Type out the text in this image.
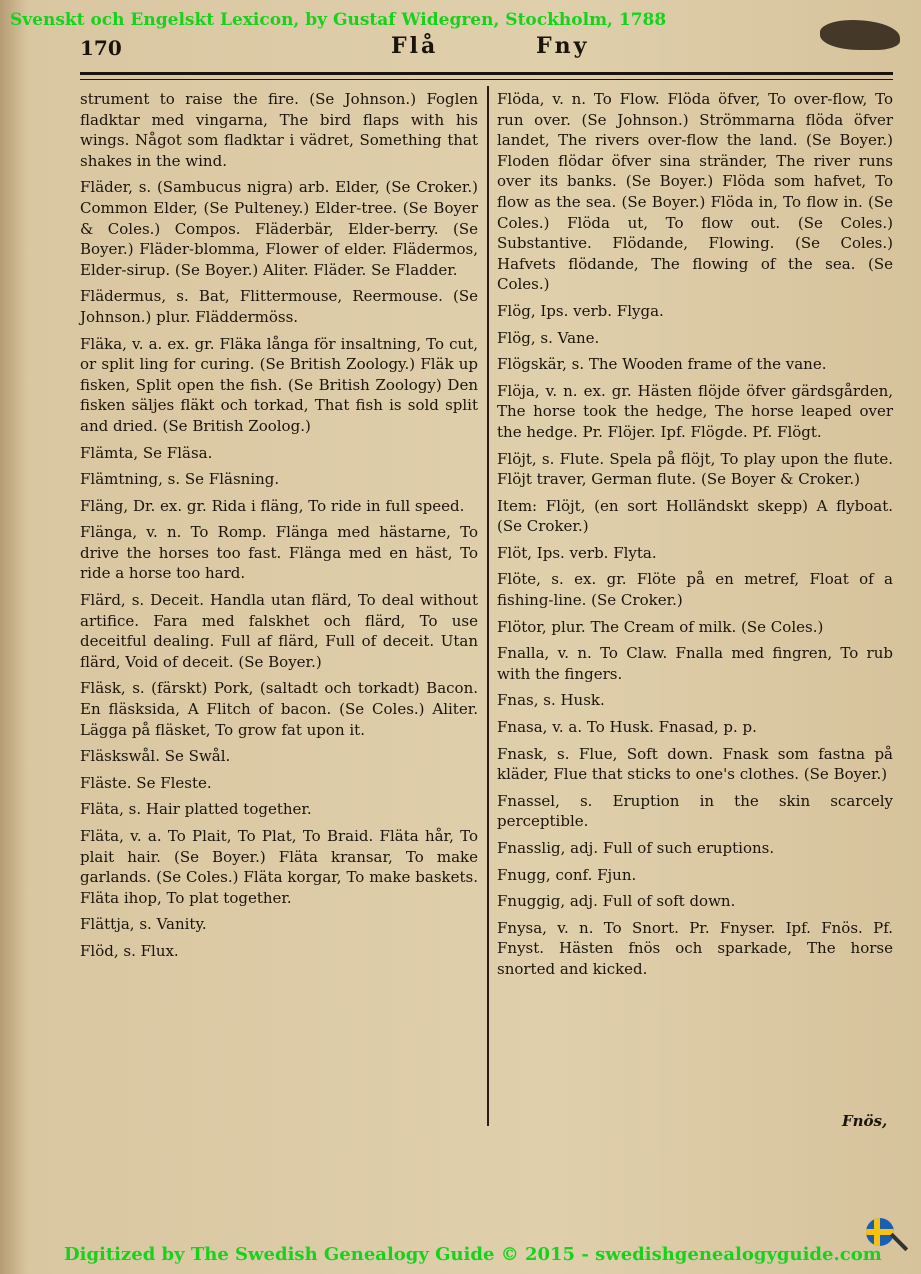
Svenskt och Engelskt Lexicon, by Gustaf Widegren, Stockholm, 1788
170	Flå	Fny

strument to raise the fire. (Se Johnson.) Foglen fladktar med vingarna, The bird flaps with his wings. Något som fladktar i vädret, Something that shakes in the wind.

Fläder, s. (Sambucus nigra) arb. Elder, (Se Croker.) Common Elder, (Se Pulteney.) Elder-tree. (Se Boyer & Coles.) Compos. Fläderbär, Elder-berry. (Se Boyer.) Fläder-blomma, Flower of elder. Flädermos, Elder-sirup. (Se Boyer.) Aliter. Fläder. Se Fladder.

Flädermus, s. Bat, Flittermouse, Reermouse. (Se Johnson.) plur. Fläddermöss.

Fläka, v. a. ex. gr. Fläka långa för insaltning, To cut, or split ling for curing. (Se British Zoology.) Fläk up fisken, Split open the fish. (Se British Zoology) Den fisken säljes fläkt och torkad, That fish is sold split and dried. (Se British Zoolog.)

Flämta, Se Fläsa.

Flämtning, s. Se Fläsning.

Fläng, Dr. ex. gr. Rida i fläng, To ride in full speed.

Flänga, v. n. To Romp. Flänga med hästarne, To drive the horses too fast. Flänga med en häst, To ride a horse too hard.

Flärd, s. Deceit. Handla utan flärd, To deal without artifice. Fara med falskhet och flärd, To use deceitful dealing. Full af flärd, Full of deceit. Utan flärd, Void of deceit. (Se Boyer.)

Fläsk, s. (färskt) Pork, (saltadt och torkadt) Bacon. En fläsksida, A Flitch of bacon. (Se Coles.) Aliter. Lägga på fläsket, To grow fat upon it.

Fläskswål. Se Swål.

Fläste. Se Fleste.

Fläta, s. Hair platted together.

Fläta, v. a. To Plait, To Plat, To Braid. Fläta hår, To plait hair. (Se Boyer.) Fläta kransar, To make garlands. (Se Coles.) Fläta korgar, To make baskets. Fläta ihop, To plat together.

Flättja, s. Vanity.

Flöd, s. Flux.

Flöda, v. n. To Flow. Flöda öfver, To over-flow, To run over. (Se Johnson.) Strömmarna flöda öfver landet, The rivers over-flow the land. (Se Boyer.) Floden flödar öfver sina stränder, The river runs over its banks. (Se Boyer.) Flöda som hafvet, To flow as the sea. (Se Boyer.) Flöda in, To flow in. (Se Coles.) Flöda ut, To flow out. (Se Coles.) Substantive. Flödande, Flowing. (Se Coles.) Hafvets flödande, The flowing of the sea. (Se Coles.)

Flög, Ips. verb. Flyga.

Flög, s. Vane.

Flögskär, s. The Wooden frame of the vane.

Flöja, v. n. ex. gr. Hästen flöjde öfver gärdsgården, The horse took the hedge, The horse leaped over the hedge. Pr. Flöjer. Ipf. Flögde. Pf. Flögt.

Flöjt, s. Flute. Spela på flöjt, To play upon the flute. Flöjt traver, German flute. (Se Boyer & Croker.)

Item: Flöjt, (en sort Holländskt skepp) A flyboat. (Se Croker.)

Flöt, Ips. verb. Flyta.

Flöte, s. ex. gr. Flöte på en metref, Float of a fishing-line. (Se Croker.)

Flötor, plur. The Cream of milk. (Se Coles.)

Fnalla, v. n. To Claw. Fnalla med fingren, To rub with the fingers.

Fnas, s. Husk.

Fnasa, v. a. To Husk. Fnasad, p. p.

Fnask, s. Flue, Soft down. Fnask som fastna på kläder, Flue that sticks to one's clothes. (Se Boyer.)

Fnassel, s. Eruption in the skin scarcely perceptible.

Fnasslig, adj. Full of such eruptions.

Fnugg, conf. Fjun.

Fnuggig, adj. Full of soft down.

Fnysa, v. n. To Snort. Pr. Fnyser. Ipf. Fnös. Pf. Fnyst. Hästen fnös och sparkade, The horse snorted and kicked.

Fnös,
Digitized by The Swedish Genealogy Guide © 2015 - swedishgenealogyguide.com
